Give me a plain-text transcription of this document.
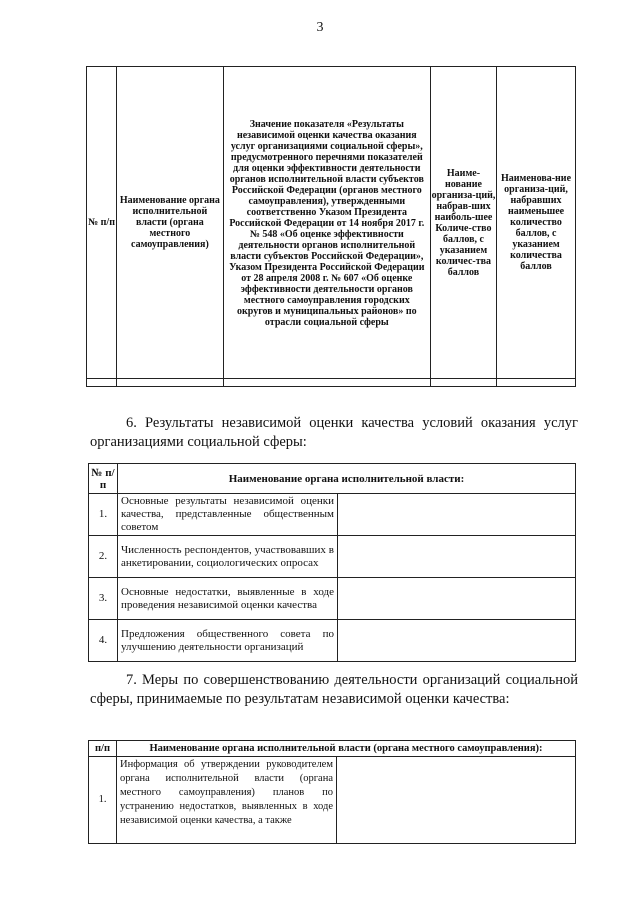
3
№ п/п	Наименование органа исполнительной власти (органа местного самоуправления)	Значение показателя «Результаты независимой оценки качества оказания услуг организациями социальной сферы», предусмотренного перечнями показателей для оценки эффективности деятельности органов исполнительной власти субъектов Российской Федерации (органов местного самоуправления), утвержденными соответственно Указом Президента Российской Федерации от 14 ноября 2017 г. № 548 «Об оценке эффективности деятельности органов исполнительной власти субъектов Российской Федерации», Указом Президента Российской Федерации от 28 апреля 2008 г. № 607 «Об оценке эффективности деятельности органов местного самоуправления городских округов и муниципальных районов» по отрасли социальной сферы	Наиме-нование организа-ций, набрав-ших наиболь-шее Количе-ство баллов, с указанием количес-тва баллов	Наименова-ние организа-ций, набравших наименьшее количество баллов, с указанием количества баллов

6. Результаты независимой оценки качества условий оказания услуг организациями социальной сферы:
№ п/п	Наименование органа исполнительной власти:	
1.	Основные результаты независимой оценки качества, представленные общественным советом	
2.	Численность респондентов, участвовавших в анкетировании, социологических опросах	
3.	Основные недостатки, выявленные в ходе проведения независимой оценки качества	
4.	Предложения общественного совета по улучшению деятельности организаций	
7. Меры по совершенствованию деятельности организаций социальной сферы, принимаемые по результатам независимой оценки качества:
п/п	Наименование органа исполнительной власти (органа местного самоуправления):	
1.	Информация об утверждении руководителем органа исполнительной власти (органа местного самоуправления) планов по устранению недостатков, выявленных в ходе независимой оценки качества, а также	
